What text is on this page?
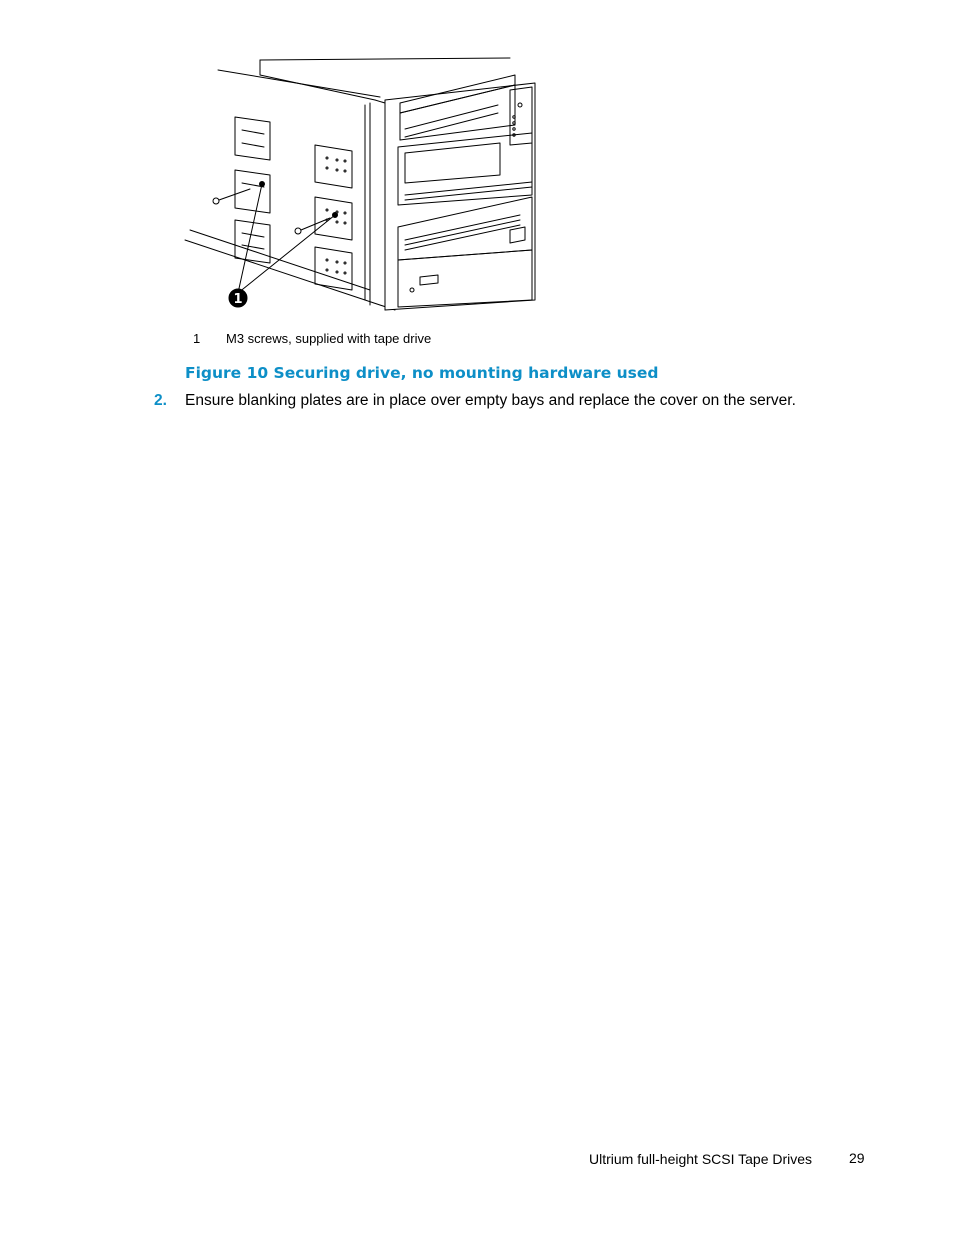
1
1	M3 screws, supplied with tape drive
Figure 10 Securing drive, no mounting hardware used
2.	Ensure blanking plates are in place over empty bays and replace the cover on the server.
Ultrium full-height SCSI Tape Drives	29
